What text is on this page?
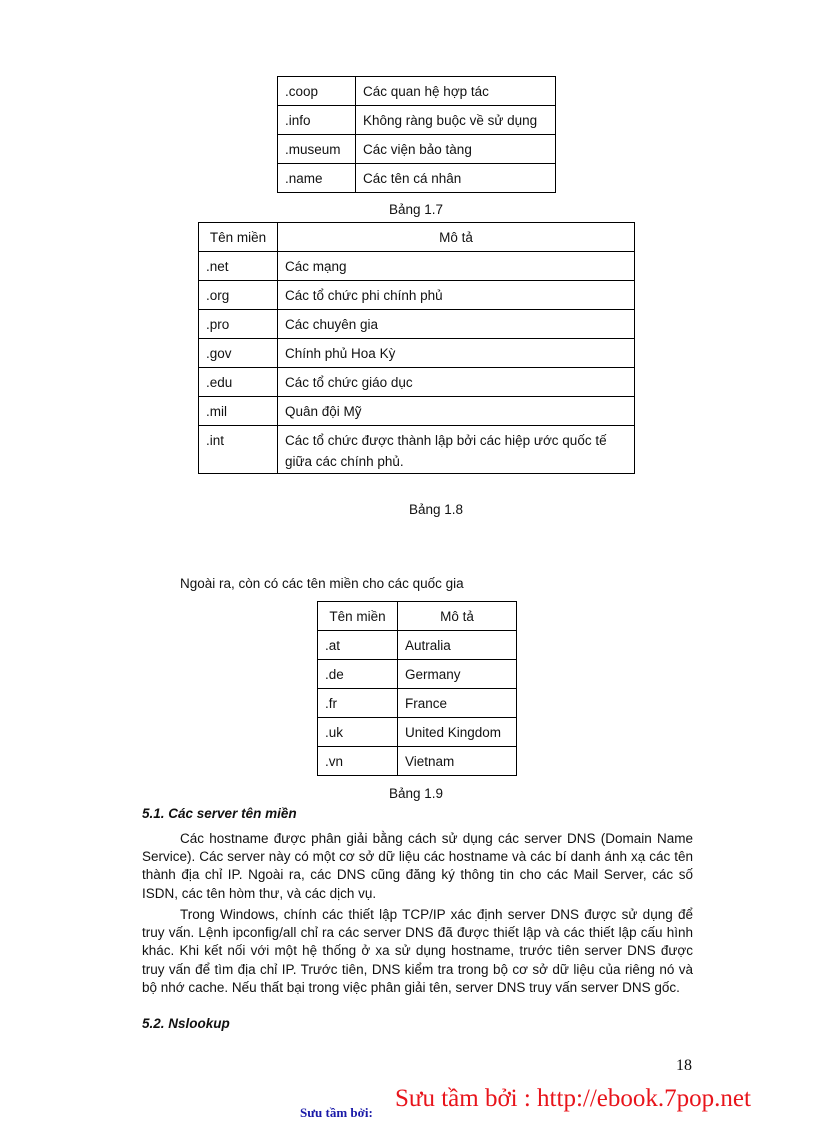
.coop	Các quan hệ hợp tác
.info	Không ràng buộc về sử dụng
.museum	Các viện bảo tàng
.name	Các tên cá nhân
Bảng 1.7
Tên miền	Mô tả
.net	Các mạng
.org	Các tổ chức phi chính phủ
.pro	Các chuyên gia
.gov	Chính phủ Hoa Kỳ
.edu	Các tổ chức giáo dục
.mil	Quân đội Mỹ
.int	Các tổ chức được thành lập bởi các hiệp ước quốc tế giữa các chính phủ.
Bảng 1.8
Ngoài ra, còn có các tên miền cho các quốc gia
Tên miền	Mô tả
.at	Autralia
.de	Germany
.fr	France
.uk	United Kingdom
.vn	Vietnam
Bảng 1.9
5.1. Các server tên miền

Các hostname được phân giải bằng cách sử dụng các server DNS (Domain Name Service). Các server này có một cơ sở dữ liệu các hostname và các bí danh ánh xạ các tên thành địa chỉ IP. Ngoài ra, các DNS cũng đăng ký thông tin cho các Mail Server, các số ISDN, các tên hòm thư, và các dịch vụ.

Trong Windows, chính các thiết lập TCP/IP xác định server DNS được sử dụng để truy vấn. Lệnh ipconfig/all chỉ ra các server DNS đã được thiết lập và các thiết lập cấu hình khác. Khi kết nối với một hệ thống ở xa sử dụng hostname, trước tiên server DNS được truy vấn để tìm địa chỉ IP. Trước tiên, DNS kiểm tra trong bộ cơ sở dữ liệu của riêng nó và bộ nhớ cache. Nếu thất bại trong việc phân giải tên, server DNS truy vấn server DNS gốc.

5.2. Nslookup
18
Sưu tầm bởi:
Sưu tầm bởi : http://ebook.7pop.net
